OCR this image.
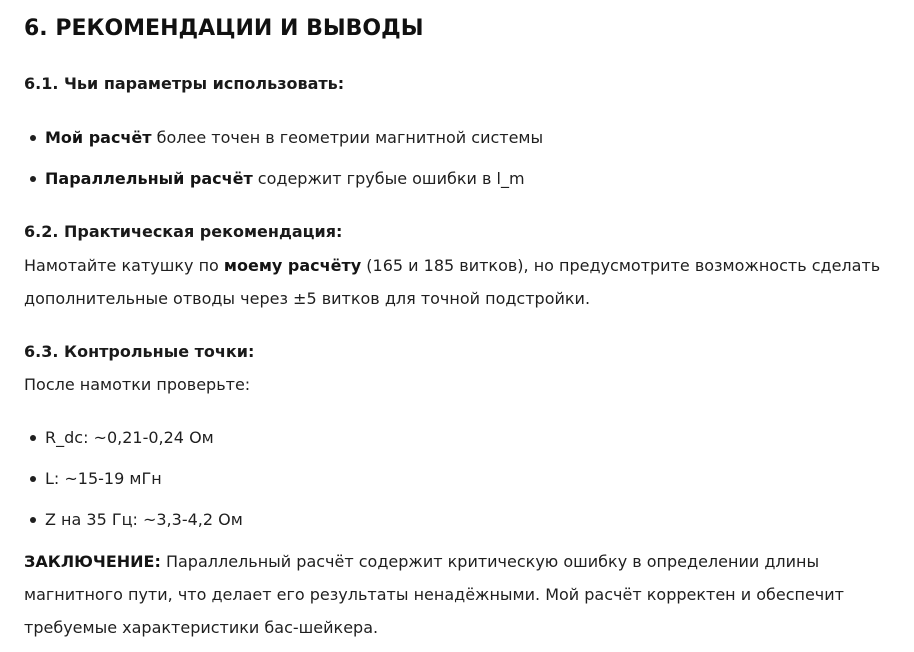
6. РЕКОМЕНДАЦИИ И ВЫВОДЫ
6.1. Чьи параметры использовать:
Мой расчёт более точен в геометрии магнитной системы
Параллельный расчёт содержит грубые ошибки в l_m
6.2. Практическая рекомендация:

Намотайте катушку по моему расчёту (165 и 185 витков), но предусмотрите возможность сделать дополнительные отводы через ±5 витков для точной подстройки.

6.3. Контрольные точки:

После намотки проверьте:

R_dc: ~0,21-0,24 Ом
L: ~15-19 мГн
Z на 35 Гц: ~3,3-4,2 Ом

ЗАКЛЮЧЕНИЕ: Параллельный расчёт содержит критическую ошибку в определении длины магнитного пути, что делает его результаты ненадёжными. Мой расчёт корректен и обеспечит требуемые характеристики бас-шейкера.
